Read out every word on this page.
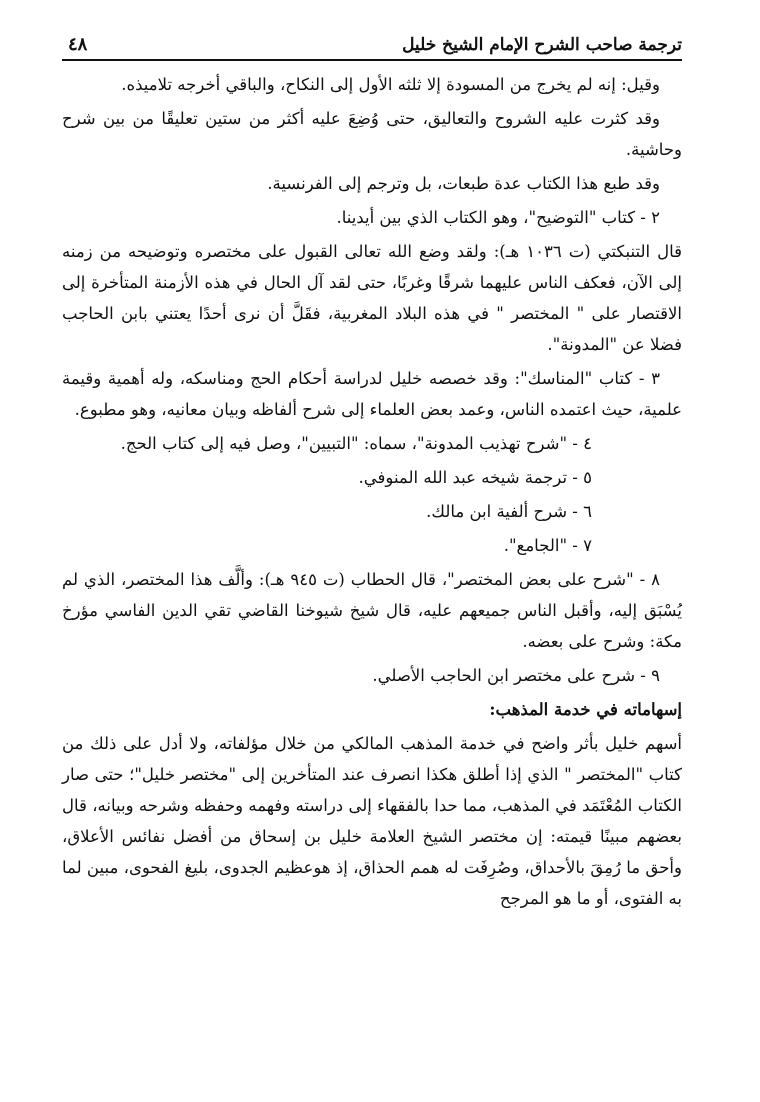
ترجمة صاحب الشرح الإمام الشيخ خليل
٤٨

وقيل: إنه لم يخرج من المسودة إلا ثلثه الأول إلى النكاح، والباقي أخرجه تلاميذه.

وقد كثرت عليه الشروح والتعاليق، حتى وُضِعَ عليه أكثر من ستين تعليقًا من بين شرح وحاشية.

وقد طبع هذا الكتاب عدة طبعات، بل وترجم إلى الفرنسية.

٢ - كتاب "التوضيح"، وهو الكتاب الذي بين أيدينا.

قال التنبكتي (ت ١٠٣٦ هـ): ولقد وضع الله تعالى القبول على مختصره وتوضيحه من زمنه إلى الآن، فعكف الناس عليهما شرقًا وغربًا، حتى لقد آل الحال في هذه الأزمنة المتأخرة إلى الاقتصار على " المختصر " في هذه البلاد المغربية، فقَلَّ أن نرى أحدًا يعتني بابن الحاجب فضلا عن "المدونة".

٣ - كتاب "المناسك": وقد خصصه خليل لدراسة أحكام الحج ومناسكه، وله أهمية وقيمة علمية، حيث اعتمده الناس، وعمد بعض العلماء إلى شرح ألفاظه وبيان معانيه، وهو مطبوع.

٤ - "شرح تهذيب المدونة"، سماه: "التبيين"، وصل فيه إلى كتاب الحج.

٥ - ترجمة شيخه عبد الله المنوفي.

٦ - شرح ألفية ابن مالك.

٧ - "الجامع".

٨ - "شرح على بعض المختصر"، قال الحطاب (ت ٩٤٥ هـ): وألَّف هذا المختصر، الذي لم يُسْبَق إليه، وأقبل الناس جميعهم عليه، قال شيخ شيوخنا القاضي تقي الدين الفاسي مؤرخ مكة: وشرح على بعضه.

٩ - شرح على مختصر ابن الحاجب الأصلي.

إسهاماته في خدمة المذهب:

أسهم خليل بأثر واضح في خدمة المذهب المالكي من خلال مؤلفاته، ولا أدل على ذلك من كتاب "المختصر " الذي إذا أطلق هكذا انصرف عند المتأخرين إلى "مختصر خليل"؛ حتى صار الكتاب المُعْتَمَد في المذهب، مما حدا بالفقهاء إلى دراسته وفهمه وحفظه وشرحه وبيانه، قال بعضهم مبينًا قيمته: إن مختصر الشيخ العلامة خليل بن إسحاق من أفضل نفائس الأعلاق، وأحق ما رُمِقَ بالأحداق، وصُرِفَت له همم الحذاق، إذ هوعظيم الجدوى، بليغ الفحوى، مبين لما به الفتوى، أو ما هو المرجح
